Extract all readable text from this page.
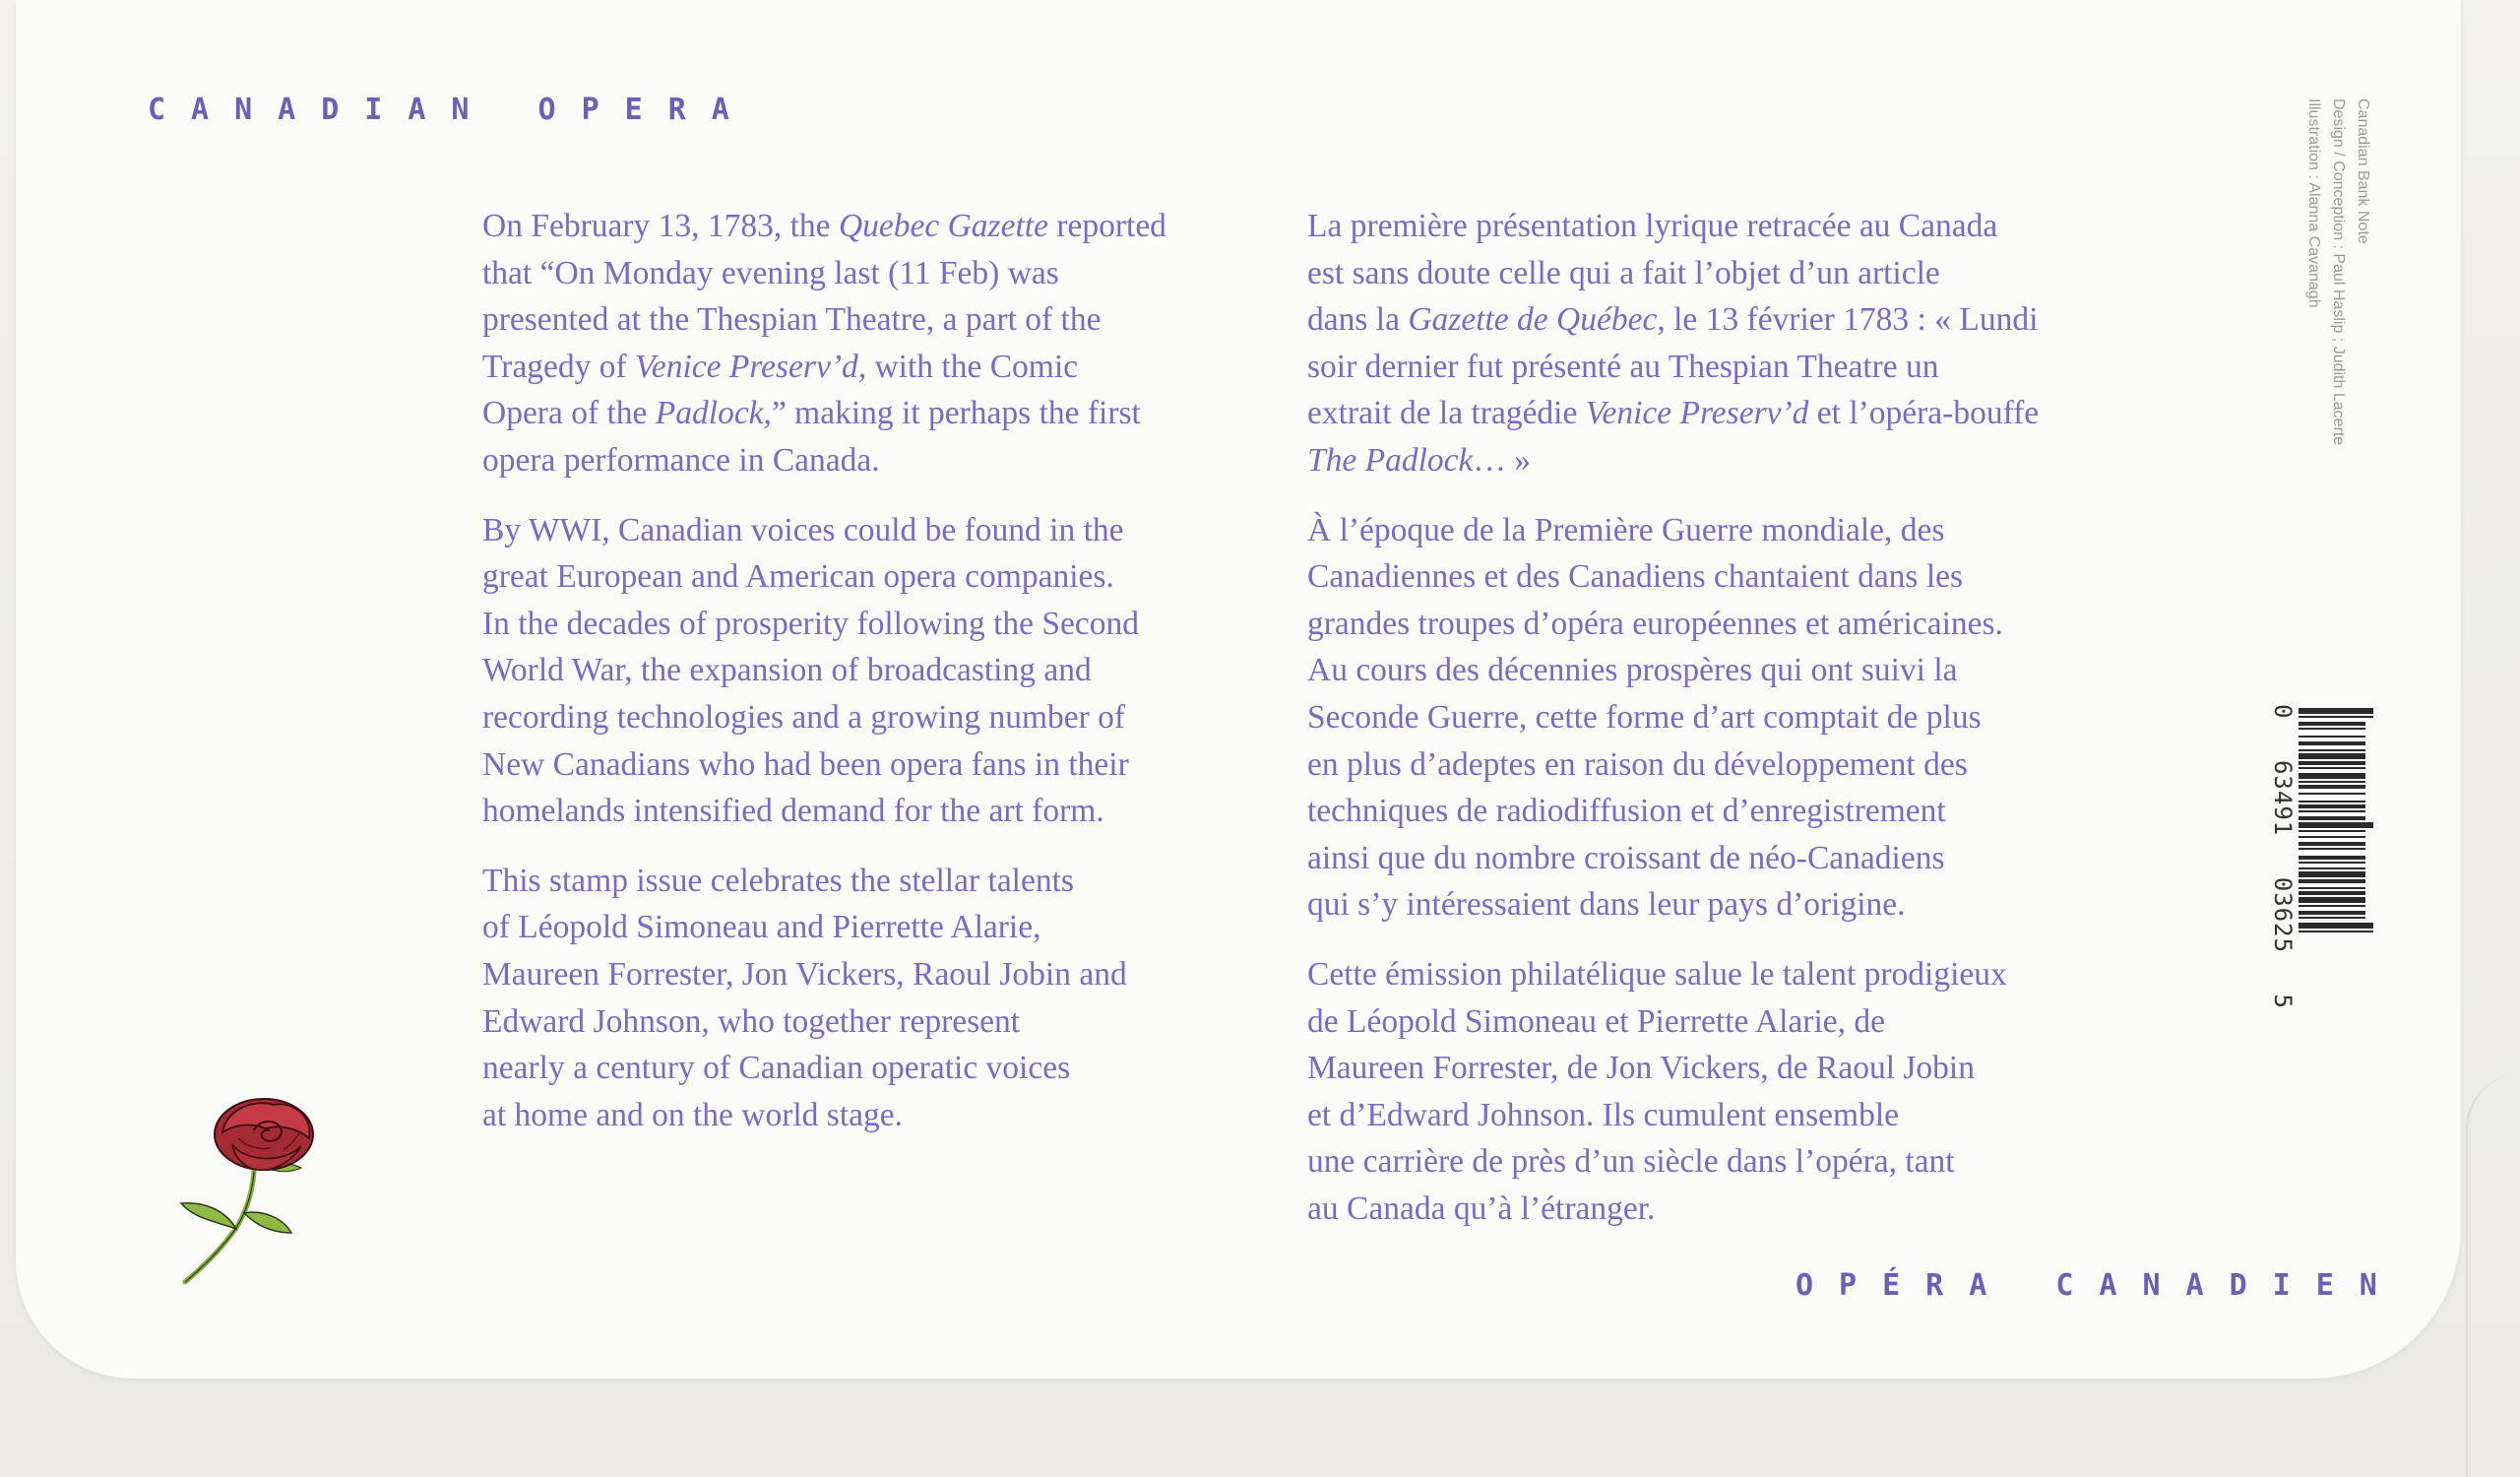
CANADIAN OPERA
OPÉRA CANADIEN
On February 13, 1783, the Quebec Gazette reported
that “On Monday evening last (11 Feb) was
presented at the Thespian Theatre, a part of the
Tragedy of Venice Preserv’d, with the Comic
Opera of the Padlock,” making it perhaps the first
opera performance in Canada.
By WWI, Canadian voices could be found in the
great European and American opera companies.
In the decades of prosperity following the Second
World War, the expansion of broadcasting and
recording technologies and a growing number of
New Canadians who had been opera fans in their
homelands intensified demand for the art form.
This stamp issue celebrates the stellar talents
of Léopold Simoneau and Pierrette Alarie,
Maureen Forrester, Jon Vickers, Raoul Jobin and
Edward Johnson, who together represent
nearly a century of Canadian operatic voices
at home and on the world stage.
La première présentation lyrique retracée au Canada
est sans doute celle qui a fait l’objet d’un article
dans la Gazette de Québec, le 13 février 1783 : « Lundi
soir dernier fut présenté au Thespian Theatre un
extrait de la tragédie Venice Preserv’d et l’opéra-bouffe
The Padlock… »
À l’époque de la Première Guerre mondiale, des
Canadiennes et des Canadiens chantaient dans les
grandes troupes d’opéra européennes et américaines.
Au cours des décennies prospères qui ont suivi la
Seconde Guerre, cette forme d’art comptait de plus
en plus d’adeptes en raison du développement des
techniques de radiodiffusion et d’enregistrement
ainsi que du nombre croissant de néo-Canadiens
qui s’y intéressaient dans leur pays d’origine.
Cette émission philatélique salue le talent prodigieux
de Léopold Simoneau et Pierrette Alarie, de
Maureen Forrester, de Jon Vickers, de Raoul Jobin
et d’Edward Johnson. Ils cumulent ensemble
une carrière de près d’un siècle dans l’opéra, tant
au Canada qu’à l’étranger.
Canadian Bank Note
Design / Conception : Paul Haslip ; Judith Lacerte
Illustration : Alanna Cavanagh
0
63491
03625
5
